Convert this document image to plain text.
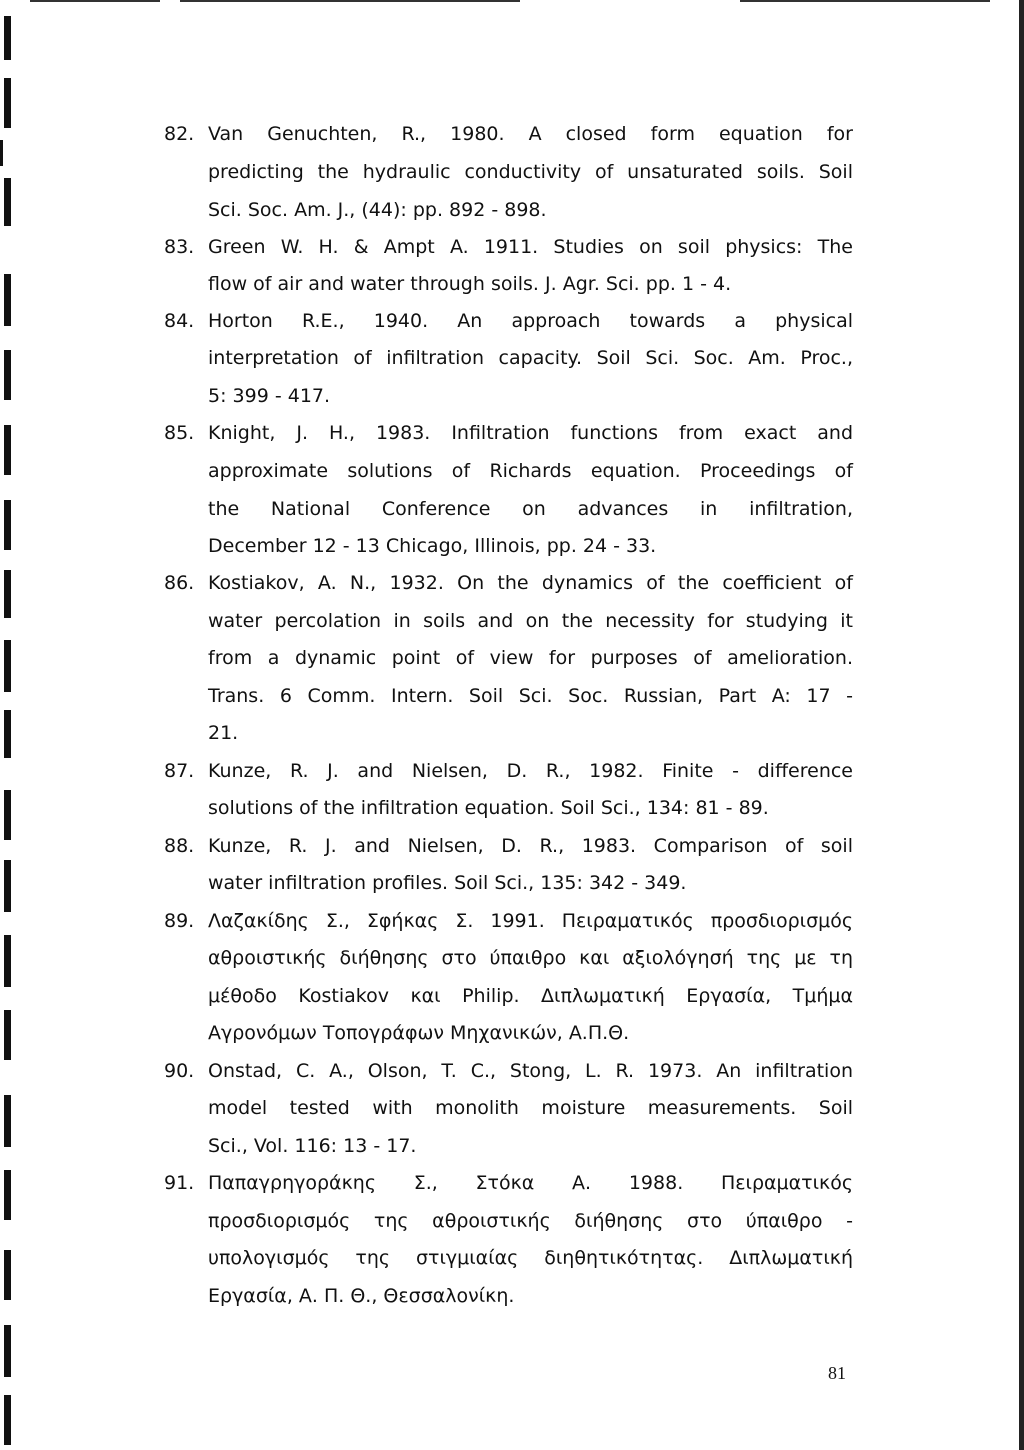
82. Van Genuchten, R., 1980. A closed form equation for
predicting the hydraulic conductivity of unsaturated soils. Soil
Sci. Soc. Am. J., (44): pp. 892 - 898.
83. Green W. H. & Ampt A. 1911. Studies on soil physics: The
flow of air and water through soils. J. Agr. Sci. pp. 1 - 4.
84. Horton R.E., 1940. An approach towards a physical
interpretation of infiltration capacity. Soil Sci. Soc. Am. Proc.,
5: 399 - 417.
85. Knight, J. H., 1983. Infiltration functions from exact and
approximate solutions of Richards equation. Proceedings of
the National Conference on advances in infiltration,
December 12 - 13 Chicago, Illinois, pp. 24 - 33.
86. Kostiakov, A. N., 1932. On the dynamics of the coefficient of
water percolation in soils and on the necessity for studying it
from a dynamic point of view for purposes of amelioration.
Trans. 6 Comm. Intern. Soil Sci. Soc. Russian, Part A: 17 -
21.
87. Kunze, R. J. and Nielsen, D. R., 1982. Finite - difference
solutions of the infiltration equation. Soil Sci., 134: 81 - 89.
88. Kunze, R. J. and Nielsen, D. R., 1983. Comparison of soil
water infiltration profiles. Soil Sci., 135: 342 - 349.
89. Λαζακίδης Σ., Σφήκας Σ. 1991. Πειραματικός προσδιορισμός
αθροιστικής διήθησης στο ύπαιθρο και αξιολόγησή της με τη
μέθοδο Kostiakov και Philip. Διπλωματική Εργασία, Τμήμα
Αγρονόμων Τοπογράφων Μηχανικών, Α.Π.Θ.
90. Onstad, C. A., Olson, T. C., Stong, L. R. 1973. An infiltration
model tested with monolith moisture measurements. Soil
Sci., Vol. 116: 13 - 17.
91. Παπαγρηγοράκης Σ., Στόκα Α. 1988. Πειραματικός
προσδιορισμός της αθροιστικής διήθησης στο ύπαιθρο -
υπολογισμός της στιγμιαίας διηθητικότητας. Διπλωματική
Εργασία, Α. Π. Θ., Θεσσαλονίκη.
81
